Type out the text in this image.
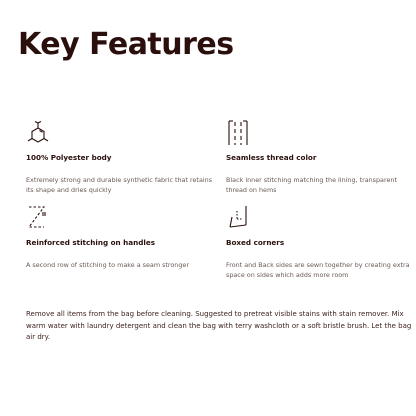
Key Features
100% Polyester body
Extremely strong and durable synthetic fabric that retains its shape and dries quickly
Seamless thread color
Black inner stitching matching the lining, transparent thread on hems
Reinforced stitching on handles
A second row of stitching to make a seam stronger
Boxed corners
Front and Back sides are sewn together by creating extra space on sides which adds more room
Remove all items from the bag before cleaning. Suggested to pretreat visible stains with stain remover. Mix warm water with laundry detergent and clean the bag with terry washcloth or a soft bristle brush. Let the bag air dry.
